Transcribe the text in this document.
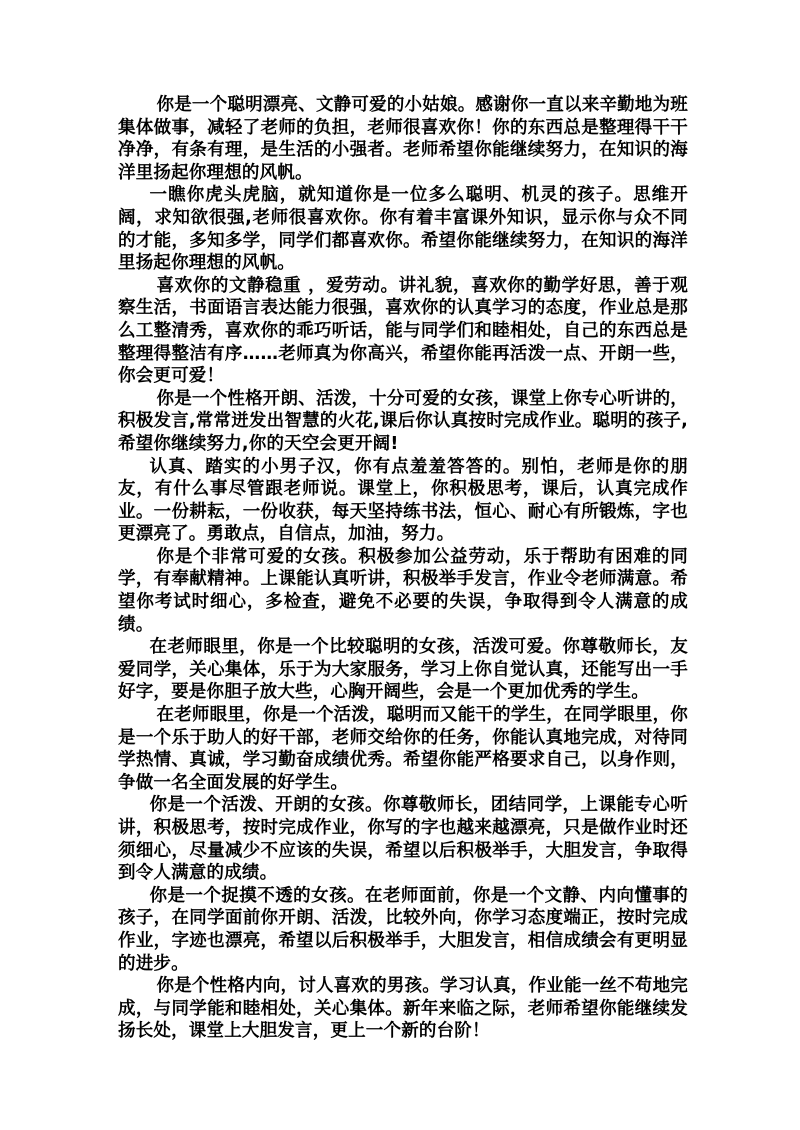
你是一个聪明漂亮、文静可爱的小姑娘。感谢你一直以来辛勤地为班集体做事，减轻了老师的负担，老师很喜欢你！你的东西总是整理得干干净净，有条有理，是生活的小强者。老师希望你能继续努力，在知识的海洋里扬起你理想的风帆。

一瞧你虎头虎脑，就知道你是一位多么聪明、机灵的孩子。思维开阔，求知欲很强,老师很喜欢你。你有着丰富课外知识，显示你与众不同的才能，多知多学，同学们都喜欢你。希望你能继续努力，在知识的海洋里扬起你理想的风帆。

喜欢你的文静稳重 ，爱劳动。讲礼貌，喜欢你的勤学好思，善于观察生活，书面语言表达能力很强，喜欢你的认真学习的态度，作业总是那么工整清秀，喜欢你的乖巧听话，能与同学们和睦相处，自己的东西总是整理得整洁有序……老师真为你高兴，希望你能再活泼一点、开朗一些，你会更可爱！

你是一个性格开朗、活泼，十分可爱的女孩，课堂上你专心听讲的，积极发言,常常迸发出智慧的火花,课后你认真按时完成作业。聪明的孩子,希望你继续努力,你的天空会更开阔!

认真、踏实的小男子汉，你有点羞羞答答的。别怕，老师是你的朋友，有什么事尽管跟老师说。课堂上，你积极思考，课后，认真完成作业。一份耕耘，一份收获，每天坚持练书法，恒心、耐心有所锻炼，字也更漂亮了。勇敢点，自信点，加油，努力。

你是个非常可爱的女孩。积极参加公益劳动，乐于帮助有困难的同学，有奉献精神。上课能认真听讲，积极举手发言，作业令老师满意。希望你考试时细心，多检查，避免不必要的失误，争取得到令人满意的成绩。

在老师眼里，你是一个比较聪明的女孩，活泼可爱。你尊敬师长，友爱同学，关心集体，乐于为大家服务，学习上你自觉认真，还能写出一手好字，要是你胆子放大些，心胸开阔些，会是一个更加优秀的学生。

在老师眼里，你是一个活泼，聪明而又能干的学生，在同学眼里，你是一个乐于助人的好干部，老师交给你的任务，你能认真地完成，对待同学热情、真诚，学习勤奋成绩优秀。希望你能严格要求自己，以身作则，争做一名全面发展的好学生。

你是一个活泼、开朗的女孩。你尊敬师长，团结同学，上课能专心听讲，积极思考，按时完成作业，你写的字也越来越漂亮，只是做作业时还须细心，尽量减少不应该的失误，希望以后积极举手，大胆发言，争取得到令人满意的成绩。

你是一个捉摸不透的女孩。在老师面前，你是一个文静、内向懂事的孩子，在同学面前你开朗、活泼，比较外向，你学习态度端正，按时完成作业，字迹也漂亮，希望以后积极举手，大胆发言，相信成绩会有更明显的进步。

你是个性格内向，讨人喜欢的男孩。学习认真，作业能一丝不苟地完成，与同学能和睦相处，关心集体。新年来临之际，老师希望你能继续发扬长处，课堂上大胆发言，更上一个新的台阶！
